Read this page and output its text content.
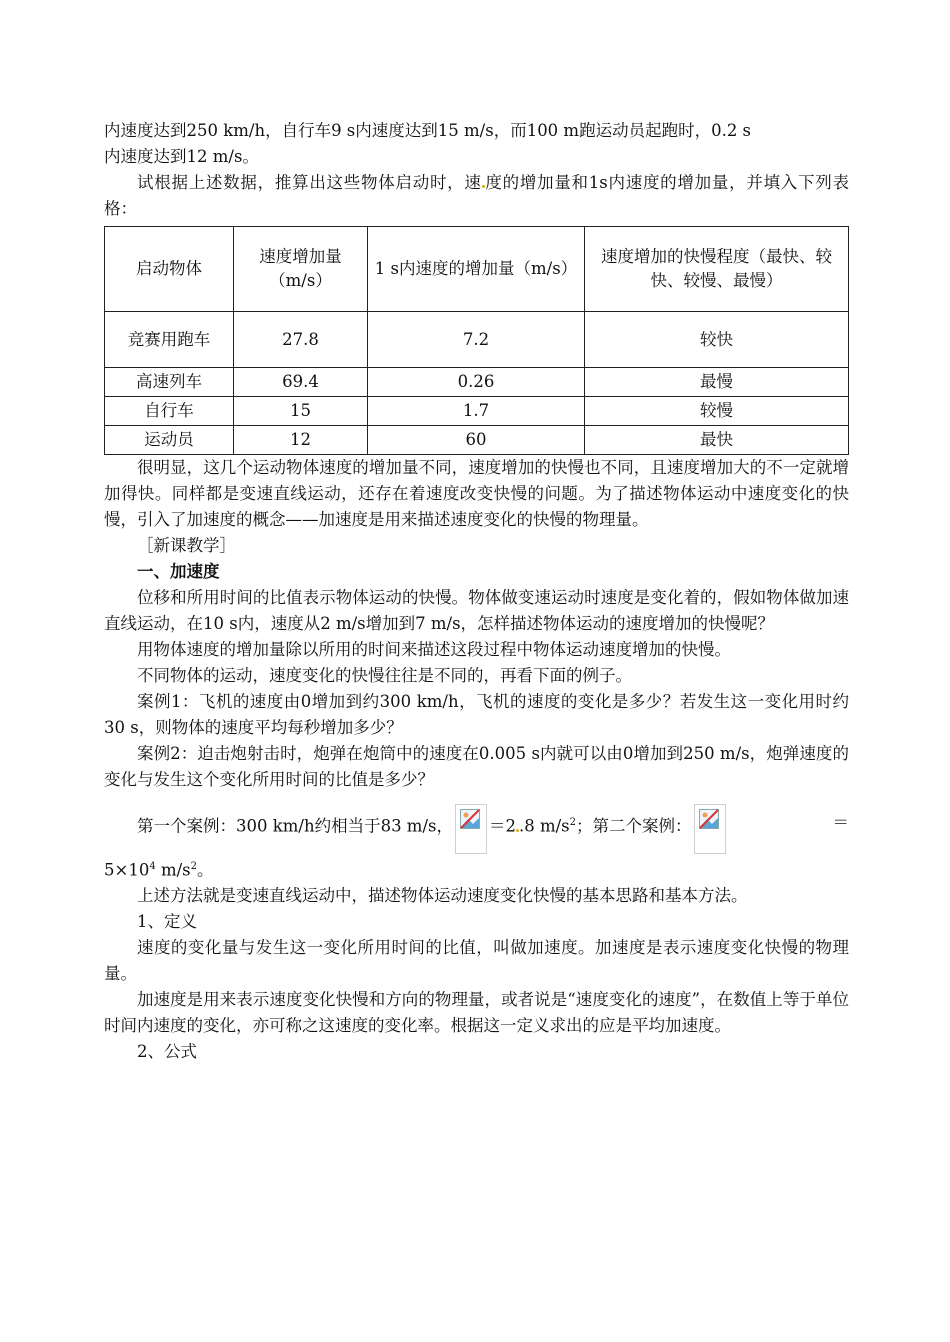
内速度达到250 km/h，自行车9 s内速度达到15 m/s，而100 m跑运动员起跑时，0.2 s

内速度达到12 m/s。

试根据上述数据，推算出这些物体启动时，速 度的增加量和1s内速度的增加量，并填入下列表格：

启动物体	速度增加量（m/s）	1 s内速度的增加量（m/s）	速度增加的快慢程度（最快、较快、较慢、最慢）
竞赛用跑车	27.8	7.2	较快
高速列车	69.4	0.26	最慢
自行车	15	1.7	较慢
运动员	12	60	最快

很明显，这几个运动物体速度的增加量不同，速度增加的快慢也不同，且速度增加大的不一定就增加得快。同样都是变速直线运动，还存在着速度改变快慢的问题。为了描述物体运动中速度变化的快慢，引入了加速度的概念——加速度是用来描述速度变化的快慢的物理量。

［新课教学］

一、加速度

位移和所用时间的比值表示物体运动的快慢。物体做变速运动时速度是变化着的，假如物体做加速直线运动，在10 s内，速度从2 m/s增加到7 m/s，怎样描述物体运动的速度增加的快慢呢？

用物体速度的增加量除以所用的时间来描述这段过程中物体运动速度增加的快慢。

不同物体的运动，速度变化的快慢往往是不同的，再看下面的例子。

案例1：飞机的速度由0增加到约300 km/h，飞机的速度的变化是多少？若发生这一变化用时约30 s，则物体的速度平均每秒增加多少？

案例2：迫击炮射击时，炮弹在炮筒中的速度在0.005 s内就可以由0增加到250 m/s，炮弹速度的变化与发生这个变化所用时间的比值是多少？

第一个案例：300 km/h约相当于83 m/s， ＝2 .8 $m/s^2$；第二个案例：	＝

$5\times 10^4$ $m/s^2$。

上述方法就是变速直线运动中，描述物体运动速度变化快慢的基本思路和基本方法。

1、定义

速度的变化量与发生这一变化所用时间的比值，叫做加速度。加速度是表示速度变化快慢的物理量。

加速度是用来表示速度变化快慢和方向的物理量，或者说是“速度变化的速度”，在数值上等于单位时间内速度的变化，亦可称之这速度的变化率。根据这一定义求出的应是平均加速度。

2、公式
